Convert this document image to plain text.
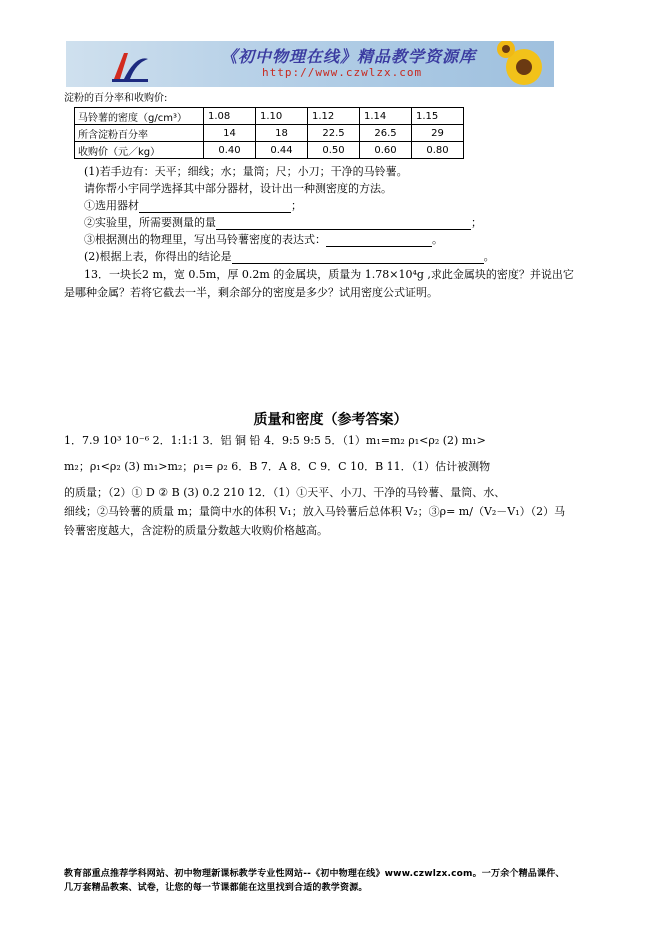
《初中物理在线》精品教学资源库
http://www.czwlzx.com
淀粉的百分率和收购价:
马铃薯的密度（g/cm³）	1.08	1.10	1.12	1.14	1.15
所含淀粉百分率	14	18	22.5	26.5	29
收购价（元／kg）	0.40	0.44	0.50	0.60	0.80
(1)若手边有：天平；细线；水；量筒；尺；小刀；干净的马铃薯。
请你帮小宇同学选择其中部分器材，设计出一种测密度的方法。
①选用器材	；
②实验里，所需要测量的量	；
③根据测出的物理里，写出马铃薯密度的表达式：	。
(2)根据上表，你得出的结论是	。
13．一块长2 m，宽 0.5m，厚 0.2m 的金属块，质量为 1.78×10⁴g ,求此金属块的密度？并说出它
是哪种金属？若将它截去一半，剩余部分的密度是多少？试用密度公式证明。
质量和密度（参考答案）
1．7.9 10³ 10⁻⁶ 2．1:1:1 3．铝 铜 铅 4．9:5 9:5 5．（1）m₁=m₂ ρ₁<ρ₂ (2) m₁>
m₂；ρ₁<ρ₂ (3) m₁>m₂；ρ₁= ρ₂ 6．B 7．A 8．C 9．C 10．B 11．（1）估计被测物
的质量；（2）① D ② B (3) 0.2 210 12．（1）①天平、小刀、干净的马铃薯、量筒、水、
细线；②马铃薯的质量 m；量筒中水的体积 V₁；放入马铃薯后总体积 V₂；③ρ= m/（V₂－V₁）（2）马
铃薯密度越大，含淀粉的质量分数越大收购价格越高。
教育部重点推荐学科网站、初中物理新课标教学专业性网站--《初中物理在线》www.czwlzx.com。一万余个精品课件、
几万套精品教案、试卷，让您的每一节课都能在这里找到合适的教学资源。
